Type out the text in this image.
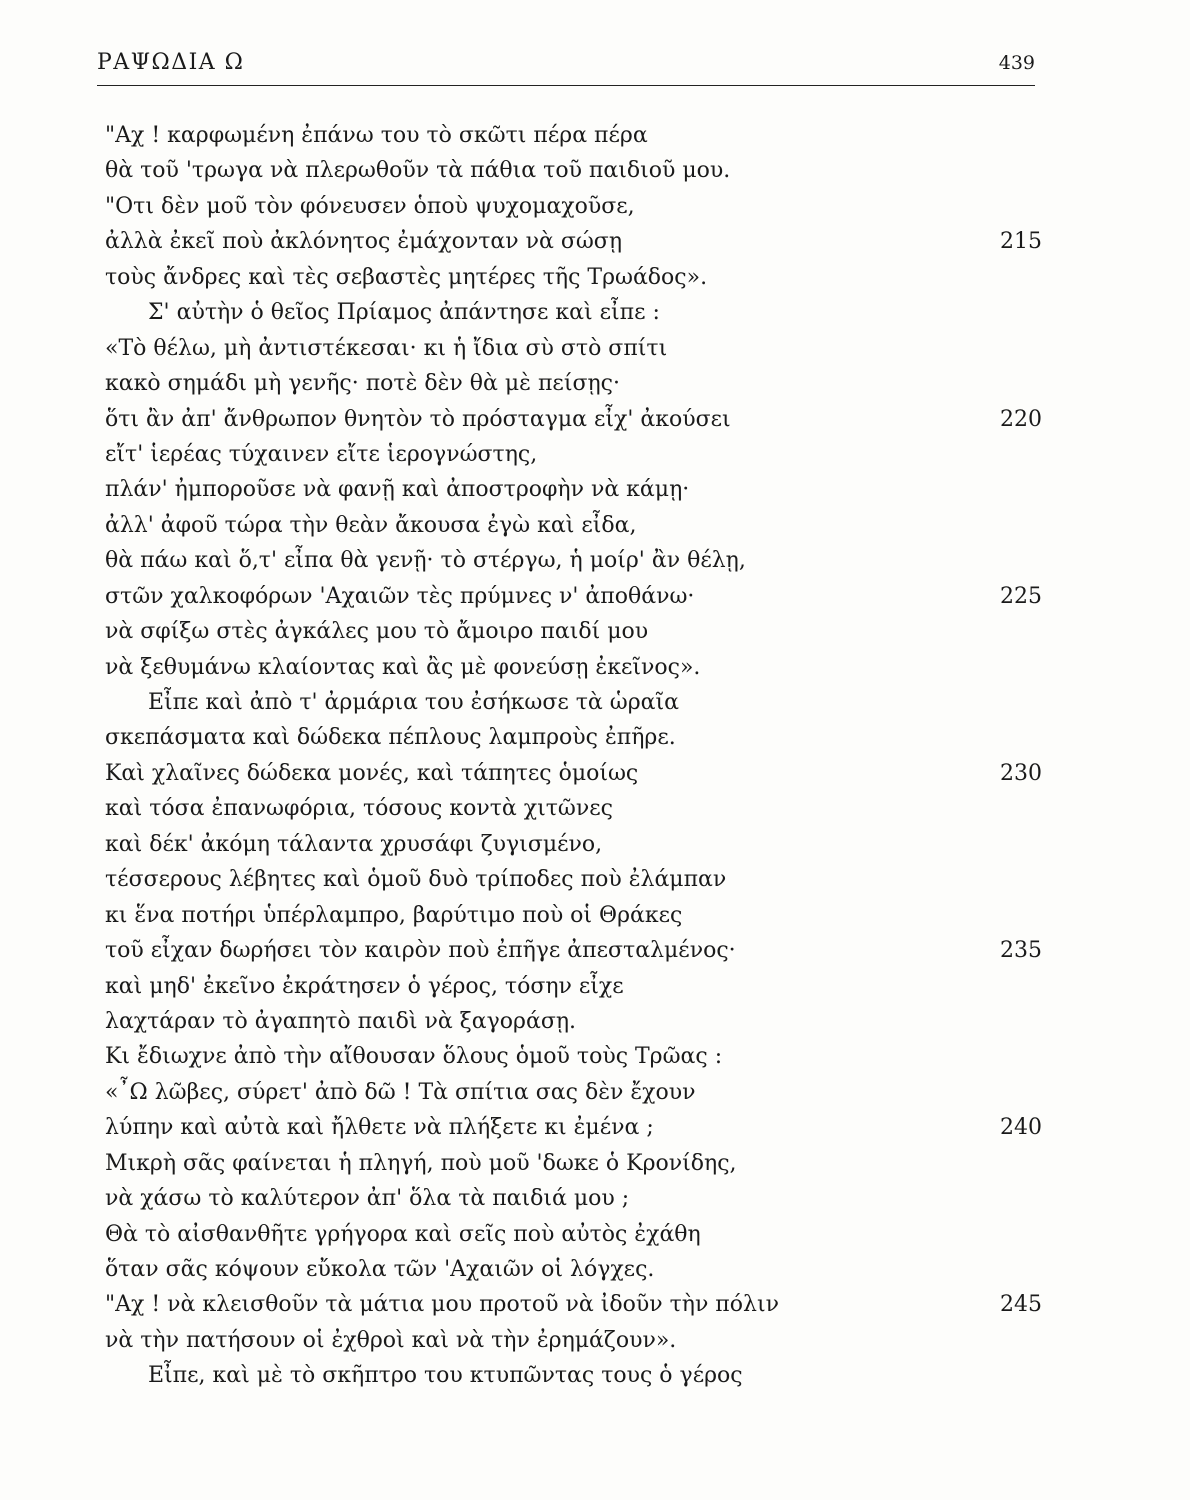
ΡΑΨΩΔΙΑ Ω	439
"Αχ ! καρφωμένη ἐπάνω του τὸ σκῶτι πέρα πέρα
θὰ τοῦ 'τρωγα νὰ πλερωθοῦν τὰ πάθια τοῦ παιδιοῦ μου.
"Οτι δὲν μοῦ τὸν φόνευσεν ὁποὺ ψυχομαχοῦσε,
ἀλλὰ ἐκεῖ ποὺ ἀκλόνητος ἐμάχονταν νὰ σώσῃ	215
τοὺς ἄνδρες καὶ τὲς σεβαστὲς μητέρες τῆς Τρωάδος».
Σ' αὐτὴν ὁ θεῖος Πρίαμος ἀπάντησε καὶ εἶπε :
«Τὸ θέλω, μὴ ἀντιστέκεσαι· κι ἡ ἴδια σὺ στὸ σπίτι
κακὸ σημάδι μὴ γενῆς· ποτὲ δὲν θὰ μὲ πείσῃς·
ὅτι ἂν ἀπ' ἄνθρωπον θνητὸν τὸ πρόσταγμα εἶχ' ἀκούσει	220
εἴτ' ἱερέας τύχαινεν εἴτε ἱερογνώστης,
πλάν' ἠμποροῦσε νὰ φανῇ καὶ ἀποστροφὴν νὰ κάμῃ·
ἀλλ' ἀφοῦ τώρα τὴν θεὰν ἄκουσα ἐγὼ καὶ εἶδα,
θὰ πάω καὶ ὅ,τ' εἶπα θὰ γενῇ· τὸ στέργω, ἡ μοίρ' ἂν θέλῃ,
στῶν χαλκοφόρων 'Αχαιῶν τὲς πρύμνες ν' ἀποθάνω·	225
νὰ σφίξω στὲς ἀγκάλες μου τὸ ἄμοιρο παιδί μου
νὰ ξεθυμάνω κλαίοντας καὶ ἂς μὲ φονεύσῃ ἐκεῖνος».
Εἶπε καὶ ἀπὸ τ' ἀρμάρια του ἐσήκωσε τὰ ὡραῖα
σκεπάσματα καὶ δώδεκα πέπλους λαμπροὺς ἐπῆρε.
Καὶ χλαῖνες δώδεκα μονές, καὶ τάπητες ὁμοίως	230
καὶ τόσα ἐπανωφόρια, τόσους κοντὰ χιτῶνες
καὶ δέκ' ἀκόμη τάλαντα χρυσάφι ζυγισμένο,
τέσσερους λέβητες καὶ ὁμοῦ δυὸ τρίποδες ποὺ ἐλάμπαν
κι ἕνα ποτήρι ὑπέρλαμπρο, βαρύτιμο ποὺ οἱ Θράκες
τοῦ εἶχαν δωρήσει τὸν καιρὸν ποὺ ἐπῆγε ἀπεσταλμένος·	235
καὶ μηδ' ἐκεῖνο ἐκράτησεν ὁ γέρος, τόσην εἶχε
λαχτάραν τὸ ἀγαπητὸ παιδὶ νὰ ξαγοράσῃ.
Κι ἔδιωχνε ἀπὸ τὴν αἴθουσαν ὅλους ὁμοῦ τοὺς Τρῶας :
«῏Ω λῶβες, σύρετ' ἀπὸ δῶ ! Τὰ σπίτια σας δὲν ἔχουν
λύπην καὶ αὐτὰ καὶ ἤλθετε νὰ πλήξετε κι ἐμένα ;	240
Μικρὴ σᾶς φαίνεται ἡ πληγή, ποὺ μοῦ 'δωκε ὁ Κρονίδης,
νὰ χάσω τὸ καλύτερον ἀπ' ὅλα τὰ παιδιά μου ;
Θὰ τὸ αἰσθανθῆτε γρήγορα καὶ σεῖς ποὺ αὐτὸς ἐχάθη
ὅταν σᾶς κόψουν εὔκολα τῶν 'Αχαιῶν οἱ λόγχες.
"Αχ ! νὰ κλεισθοῦν τὰ μάτια μου προτοῦ νὰ ἰδοῦν τὴν πόλιν	245
νὰ τὴν πατήσουν οἱ ἐχθροὶ καὶ νὰ τὴν ἐρημάζουν».
Εἶπε, καὶ μὲ τὸ σκῆπτρο του κτυπῶντας τους ὁ γέρος
